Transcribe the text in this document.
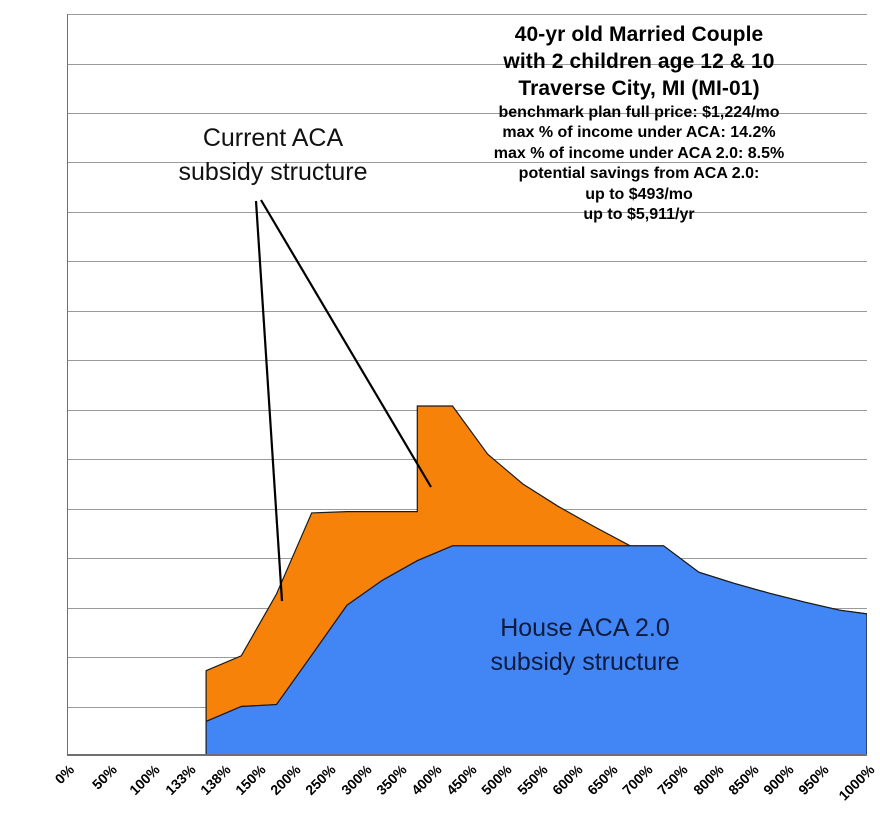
Current ACA
subsidy structure
House ACA 2.0
subsidy structure
40-yr old Married Couple
with 2 children age 12 & 10
Traverse City, MI (MI-01)
benchmark plan full price: $1,224/mo
max % of income under ACA: 14.2%
max % of income under ACA 2.0: 8.5%
potential savings from ACA 2.0:
up to $493/mo
up to $5,911/yr
0% 50% 100%
133%
138%
150%
200%
250%
300%
350%
400%
450%
500%
550%
600%
650%
700%
750%
800%
850%
900%
950% 1000%
